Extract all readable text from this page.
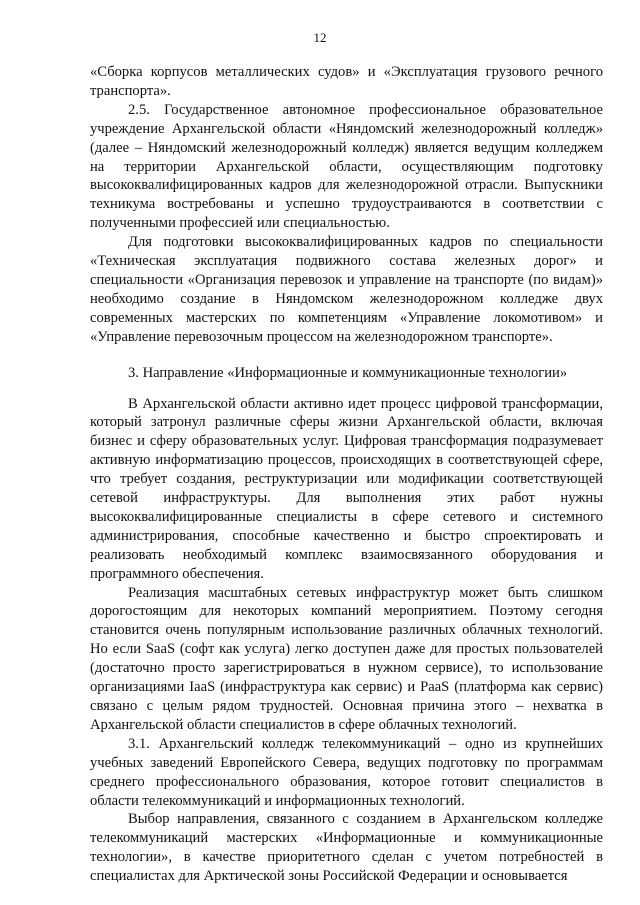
12

«Сборка корпусов металлических судов» и «Эксплуатация грузового речного транспорта».

2.5. Государственное автономное профессиональное образовательное учреждение Архангельской области «Няндомский железнодорожный колледж» (далее – Няндомский железнодорожный колледж) является ведущим колледжем на территории Архангельской области, осуществляющим подготовку высококвалифицированных кадров для железнодорожной отрасли. Выпускники техникума востребованы и успешно трудоустраиваются в соответствии с полученными профессией или специальностью.

Для подготовки высококвалифицированных кадров по специальности «Техническая эксплуатация подвижного состава железных дорог» и специальности «Организация перевозок и управление на транспорте (по видам)» необходимо создание в Няндомском железнодорожном колледже двух современных мастерских по компетенциям «Управление локомотивом» и «Управление перевозочным процессом на железнодорожном транспорте».

3. Направление «Информационные и коммуникационные технологии»

В Архангельской области активно идет процесс цифровой трансформации, который затронул различные сферы жизни Архангельской области, включая бизнес и сферу образовательных услуг. Цифровая трансформация подразумевает активную информатизацию процессов, происходящих в соответствующей сфере, что требует создания, реструктуризации или модификации соответствующей сетевой инфраструктуры. Для выполнения этих работ нужны высококвалифицированные специалисты в сфере сетевого и системного администрирования, способные качественно и быстро спроектировать и реализовать необходимый комплекс взаимосвязанного оборудования и программного обеспечения.

Реализация масштабных сетевых инфраструктур может быть слишком дорогостоящим для некоторых компаний мероприятием. Поэтому сегодня становится очень популярным использование различных облачных технологий. Но если SaaS (софт как услуга) легко доступен даже для простых пользователей (достаточно просто зарегистрироваться в нужном сервисе), то использование организациями IaaS (инфраструктура как сервис) и PaaS (платформа как сервис) связано с целым рядом трудностей. Основная причина этого – нехватка в Архангельской области специалистов в сфере облачных технологий.

3.1. Архангельский колледж телекоммуникаций – одно из крупнейших учебных заведений Европейского Севера, ведущих подготовку по программам среднего профессионального образования, которое готовит специалистов в области телекоммуникаций и информационных технологий.

Выбор направления, связанного с созданием в Архангельском колледже телекоммуникаций мастерских «Информационные и коммуникационные технологии», в качестве приоритетного сделан с учетом потребностей в специалистах для Арктической зоны Российской Федерации и основывается
